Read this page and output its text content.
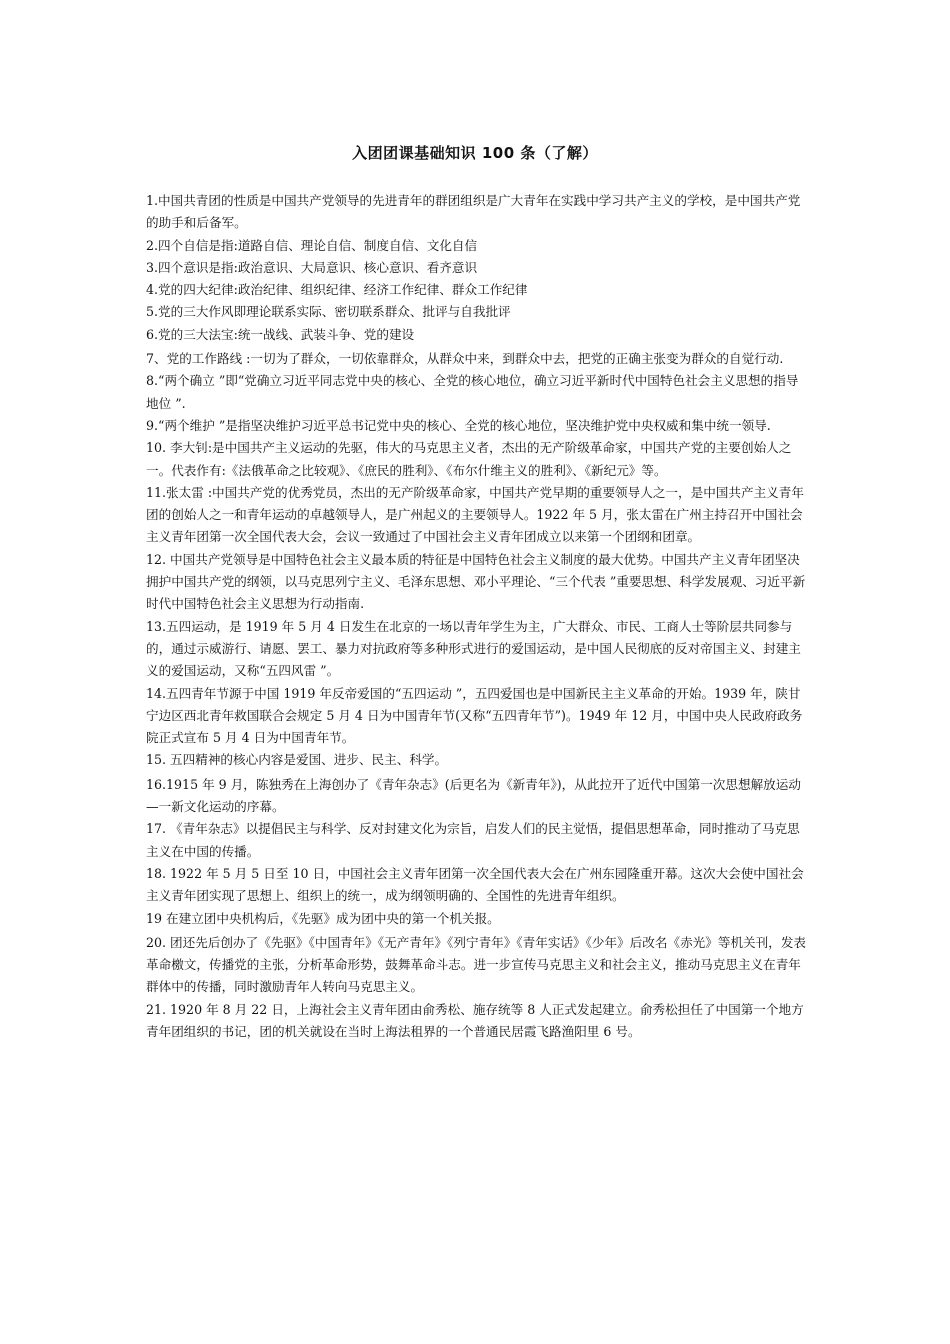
入团团课基础知识 100 条（了解）

1.中国共青团的性质是中国共产党领导的先进青年的群团组织是广大青年在实践中学习共产主义的学校，是中国共产党的助手和后备军。

2.四个自信是指:道路自信、理论自信、制度自信、文化自信

3.四个意识是指:政治意识、大局意识、核心意识、看齐意识

4.党的四大纪律:政治纪律、组织纪律、经济工作纪律、群众工作纪律

5.党的三大作风即理论联系实际、密切联系群众、批评与自我批评

6.党的三大法宝:统一战线、武装斗争、党的建设

7、党的工作路线 :一切为了群众，一切依靠群众，从群众中来，到群众中去，把党的正确主张变为群众的自觉行动.

8.“两个确立 ”即“党确立习近平同志党中央的核心、全党的核心地位，确立习近平新时代中国特色社会主义思想的指导地位 ”.

9.“两个维护 ”是指坚决维护习近平总书记党中央的核心、全党的核心地位，坚决维护党中央权威和集中统一领导.

10. 李大钊:是中国共产主义运动的先驱，伟大的马克思主义者，杰出的无产阶级革命家，中国共产党的主要创始人之一。代表作有:《法俄革命之比较观》、《庶民的胜利》、《布尔什维主义的胜利》、《新纪元》等。

11.张太雷 :中国共产党的优秀党员，杰出的无产阶级革命家，中国共产党早期的重要领导人之一，是中国共产主义青年团的创始人之一和青年运动的卓越领导人，是广州起义的主要领导人。1922 年 5 月，张太雷在广州主持召开中国社会主义青年团第一次全国代表大会，会议一致通过了中国社会主义青年团成立以来第一个团纲和团章。

12. 中国共产党领导是中国特色社会主义最本质的特征是中国特色社会主义制度的最大优势。中国共产主义青年团坚决拥护中国共产党的纲领，以马克思列宁主义、毛泽东思想、邓小平理论、“三个代表 ”重要思想、科学发展观、习近平新时代中国特色社会主义思想为行动指南.

13.五四运动，是 1919 年 5 月 4 日发生在北京的一场以青年学生为主，广大群众、市民、工商人士等阶层共同参与的，通过示威游行、请愿、罢工、暴力对抗政府等多种形式进行的爱国运动，是中国人民彻底的反对帝国主义、封建主义的爱国运动，又称“五四风雷 ”。

14.五四青年节源于中国 1919 年反帝爱国的“五四运动 ”，五四爱国也是中国新民主主义革命的开始。1939 年，陕甘宁边区西北青年救国联合会规定 5 月 4 日为中国青年节(又称“五四青年节”)。1949 年 12 月，中国中央人民政府政务院正式宣布 5 月 4 日为中国青年节。

15. 五四精神的核心内容是爱国、进步、民主、科学。

16.1915 年 9 月，陈独秀在上海创办了《青年杂志》(后更名为《新青年》)，从此拉开了近代中国第一次思想解放运动—一新文化运动的序幕。

17. 《青年杂志》以提倡民主与科学、反对封建文化为宗旨，启发人们的民主觉悟，提倡思想革命，同时推动了马克思主义在中国的传播。

18. 1922 年 5 月 5 日至 10 日，中国社会主义青年团第一次全国代表大会在广州东园隆重开幕。这次大会使中国社会主义青年团实现了思想上、组织上的统一，成为纲领明确的、全国性的先进青年组织。

19 在建立团中央机构后，《先驱》成为团中央的第一个机关报。

20. 团还先后创办了《先驱》《中国青年》《无产青年》《列宁青年》《青年实话》《少年》后改名《赤光》等机关刊，发表革命檄文，传播党的主张，分析革命形势，鼓舞革命斗志。进一步宣传马克思主义和社会主义，推动马克思主义在青年群体中的传播，同时激励青年人转向马克思主义。

21. 1920 年 8 月 22 日，上海社会主义青年团由俞秀松、施存统等 8 人正式发起建立。俞秀松担任了中国第一个地方青年团组织的书记，团的机关就设在当时上海法租界的一个普通民居霞飞路渔阳里 6 号。
